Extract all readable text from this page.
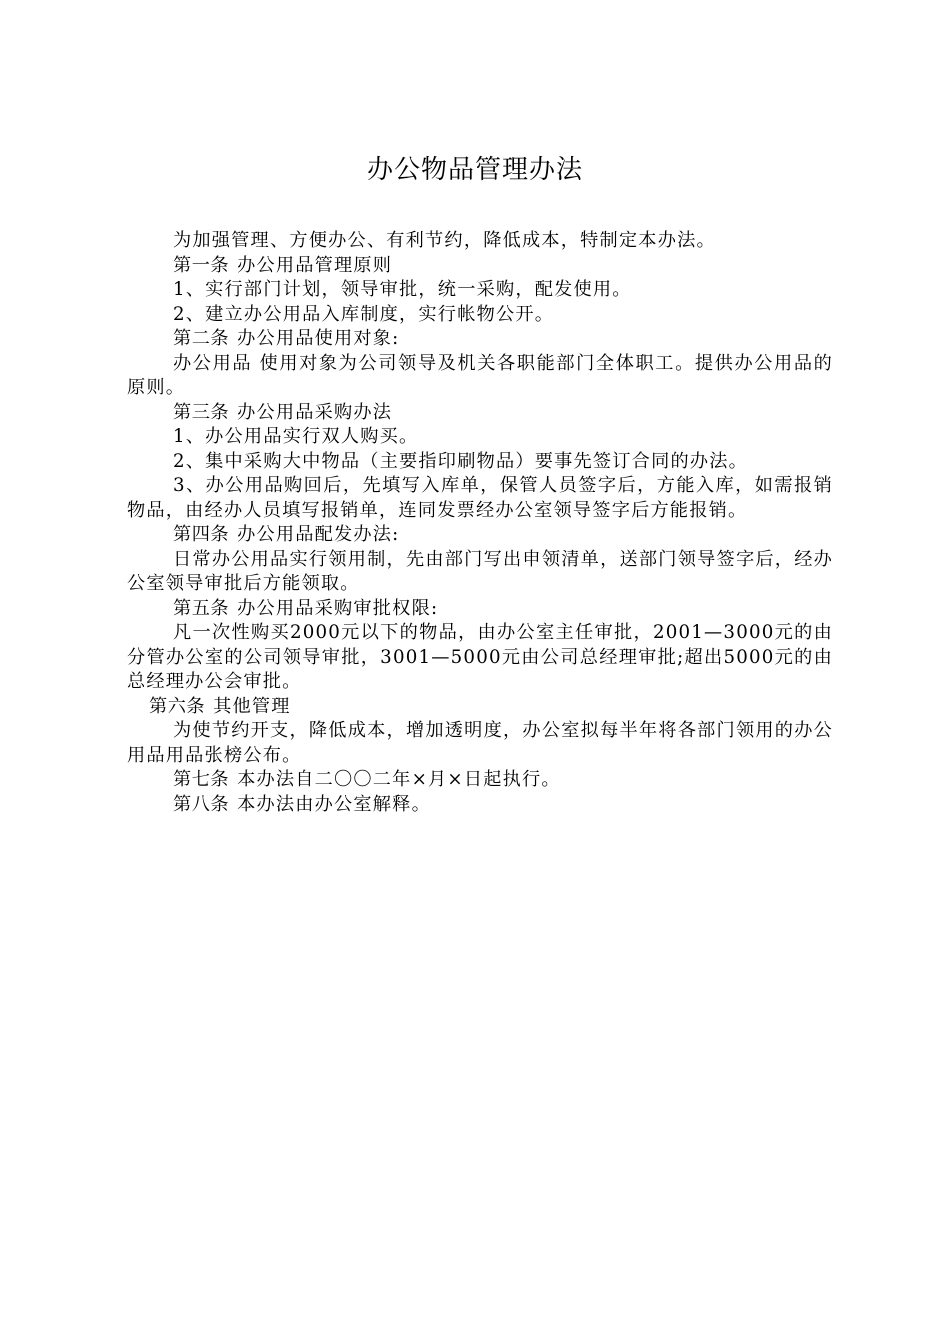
办公物品管理办法

为加强管理、方便办公、有利节约，降低成本，特制定本办法。

第一条 办公用品管理原则

1、实行部门计划，领导审批，统一采购，配发使用。

2、建立办公用品入库制度，实行帐物公开。

第二条 办公用品使用对象:

办公用品 使用对象为公司领导及机关各职能部门全体职工。提供办公用品的原则。

第三条 办公用品采购办法

1、办公用品实行双人购买。

2、集中采购大中物品（主要指印刷物品）要事先签订合同的办法。

3、办公用品购回后，先填写入库单，保管人员签字后，方能入库，如需报销物品，由经办人员填写报销单，连同发票经办公室领导签字后方能报销。

第四条 办公用品配发办法:

日常办公用品实行领用制，先由部门写出申领清单，送部门领导签字后，经办公室领导审批后方能领取。

第五条 办公用品采购审批权限:

凡一次性购买2000元以下的物品，由办公室主任审批，2001—3000元的由分管办公室的公司领导审批，3001—5000元由公司总经理审批;超出5000元的由总经理办公会审批。

第六条 其他管理

为使节约开支，降低成本，增加透明度，办公室拟每半年将各部门领用的办公用品用品张榜公布。

第七条 本办法自二〇〇二年×月×日起执行。

第八条 本办法由办公室解释。
